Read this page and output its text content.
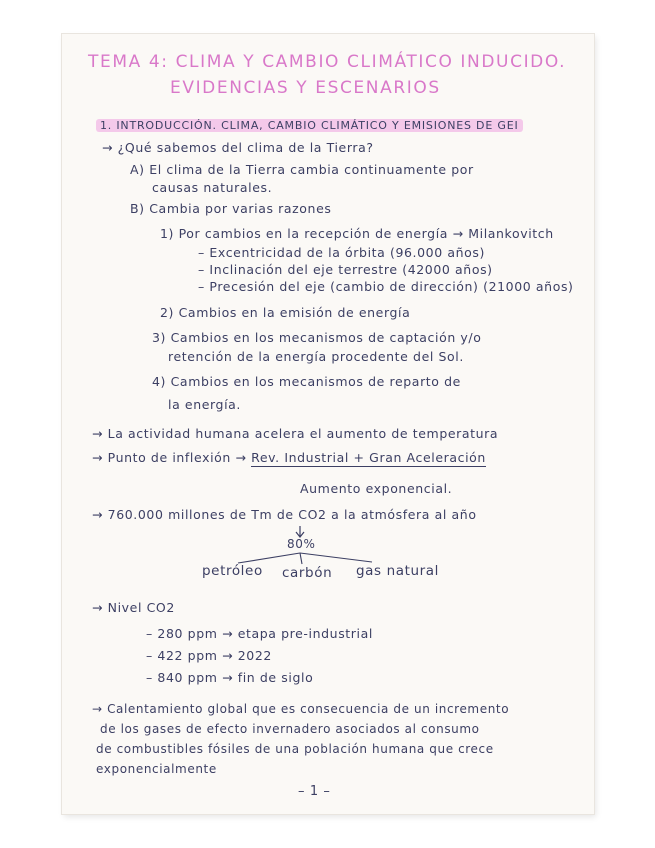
TEMA 4: CLIMA Y CAMBIO CLIMÁTICO INDUCIDO.
EVIDENCIAS Y ESCENARIOS
1. INTRODUCCIÓN. CLIMA, CAMBIO CLIMÁTICO Y EMISIONES DE GEI
→ ¿Qué sabemos del clima de la Tierra?
A) El clima de la Tierra cambia continuamente por
causas naturales.
B) Cambia por varias razones
1) Por cambios en la recepción de energía → Milankovitch
– Excentricidad de la órbita (96.000 años)
– Inclinación del eje terrestre (42000 años)
– Precesión del eje (cambio de dirección) (21000 años)
2) Cambios en la emisión de energía
3) Cambios en los mecanismos de captación y/o
retención de la energía procedente del Sol.
4) Cambios en los mecanismos de reparto de
la energía.
→ La actividad humana acelera el aumento de temperatura
→ Punto de inflexión → Rev. Industrial + Gran Aceleración
Aumento exponencial.
→ 760.000 millones de Tm de CO2 a la atmósfera al año
80%
petróleo carbón gas natural
→ Nivel CO2
– 280 ppm → etapa pre-industrial
– 422 ppm → 2022
– 840 ppm → fin de siglo
→ Calentamiento global que es consecuencia de un incremento
de los gases de efecto invernadero asociados al consumo
de combustibles fósiles de una población humana que crece
exponencialmente
– 1 –
